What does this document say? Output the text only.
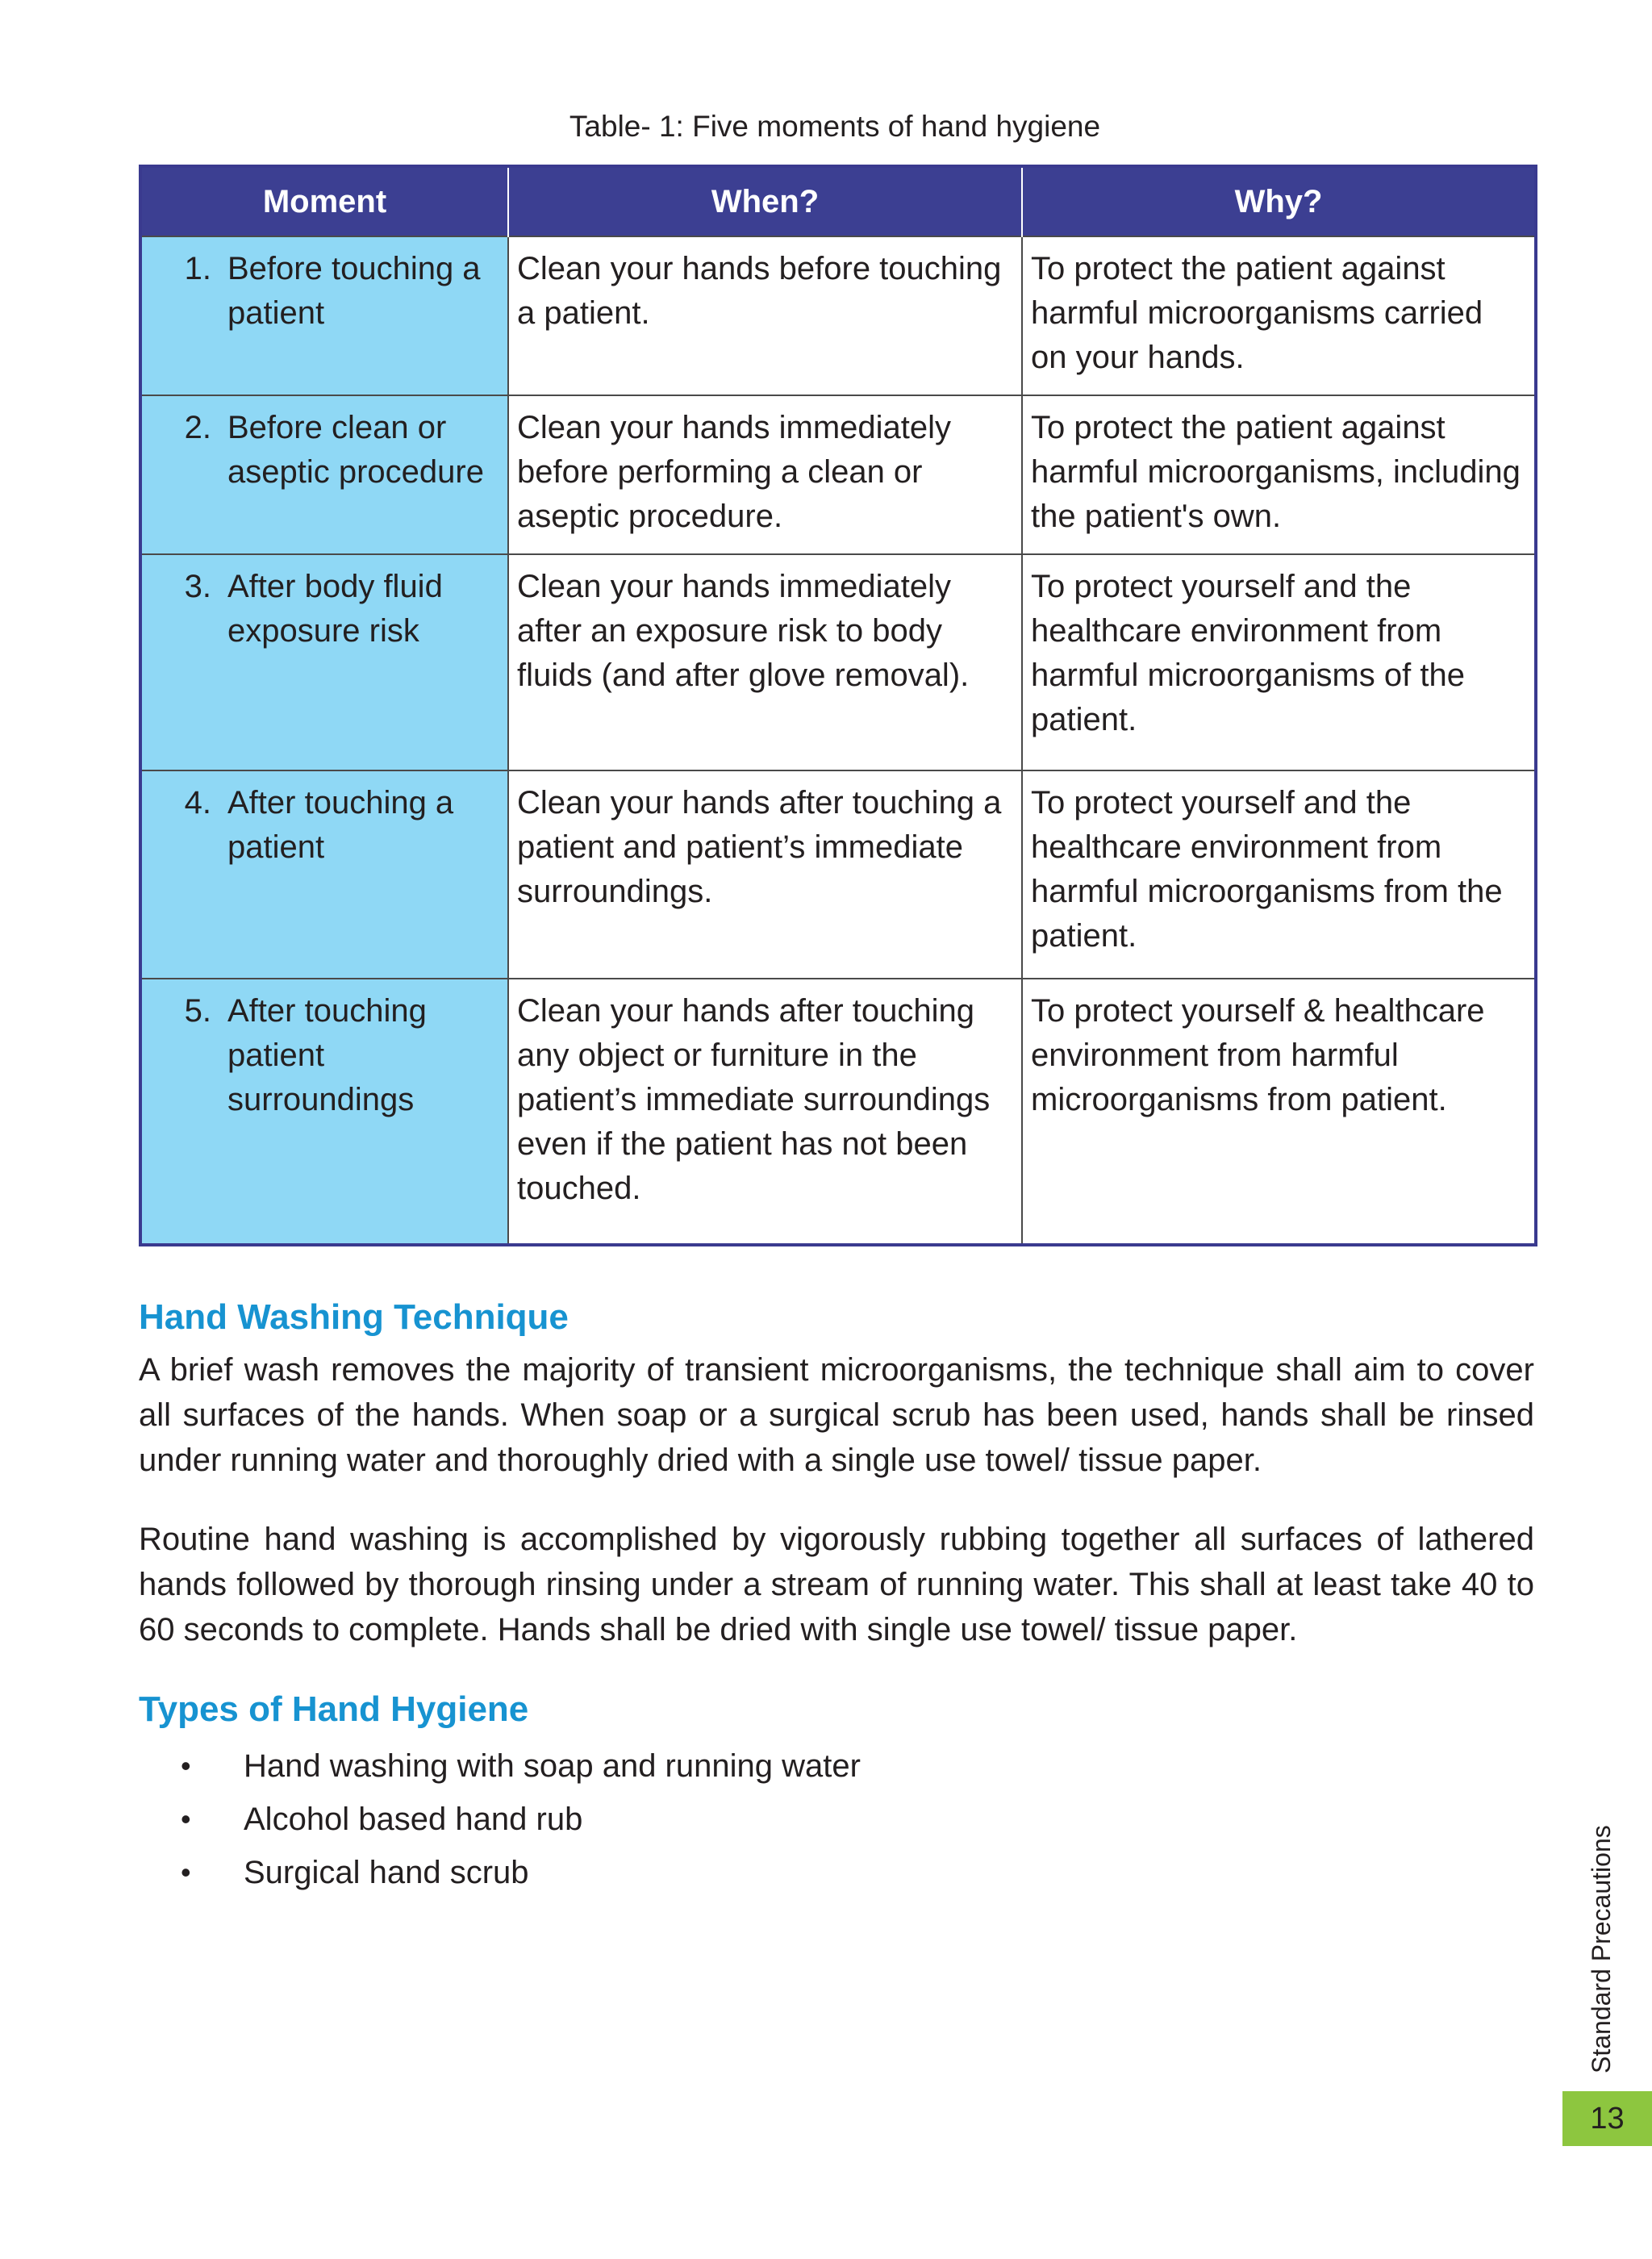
Table- 1: Five moments of hand hygiene
Moment	When?	Why?

1. Before touching a patient	Clean your hands before touching a patient.	To protect the patient against harmful microorganisms carried on your hands.

2. Before clean or aseptic procedure	Clean your hands immediately before performing a clean or aseptic procedure.	To protect the patient against harmful microorganisms, including the patient's own.

3. After body fluid exposure risk	Clean your hands immediately after an exposure risk to body fluids (and after glove removal).	To protect yourself and the healthcare environment from harmful microorganisms of the patient.

4. After touching a patient	Clean your hands after touching a patient and patient’s immediate surroundings.	To protect yourself and the healthcare environment from harmful microorganisms from the patient.

5. After touching patient surroundings	Clean your hands after touching any object or furniture in the patient’s immediate surroundings even if the patient has not been touched.	To protect yourself & healthcare environment from harmful microorganisms from patient.
Hand Washing Technique
A brief wash removes the majority of transient microorganisms, the technique shall aim to cover all surfaces of the hands. When soap or a surgical scrub has been used, hands shall be rinsed under running water and thoroughly dried with a single use towel/ tissue paper.
Routine hand washing is accomplished by vigorously rubbing together all surfaces of lathered hands followed by thorough rinsing under a stream of running water. This shall at least take 40 to 60 seconds to complete. Hands shall be dried with single use towel/ tissue paper.
Types of Hand Hygiene
•	Hand washing with soap and running water
•	Alcohol based hand rub
•	Surgical hand scrub	Standard Precautions
13
